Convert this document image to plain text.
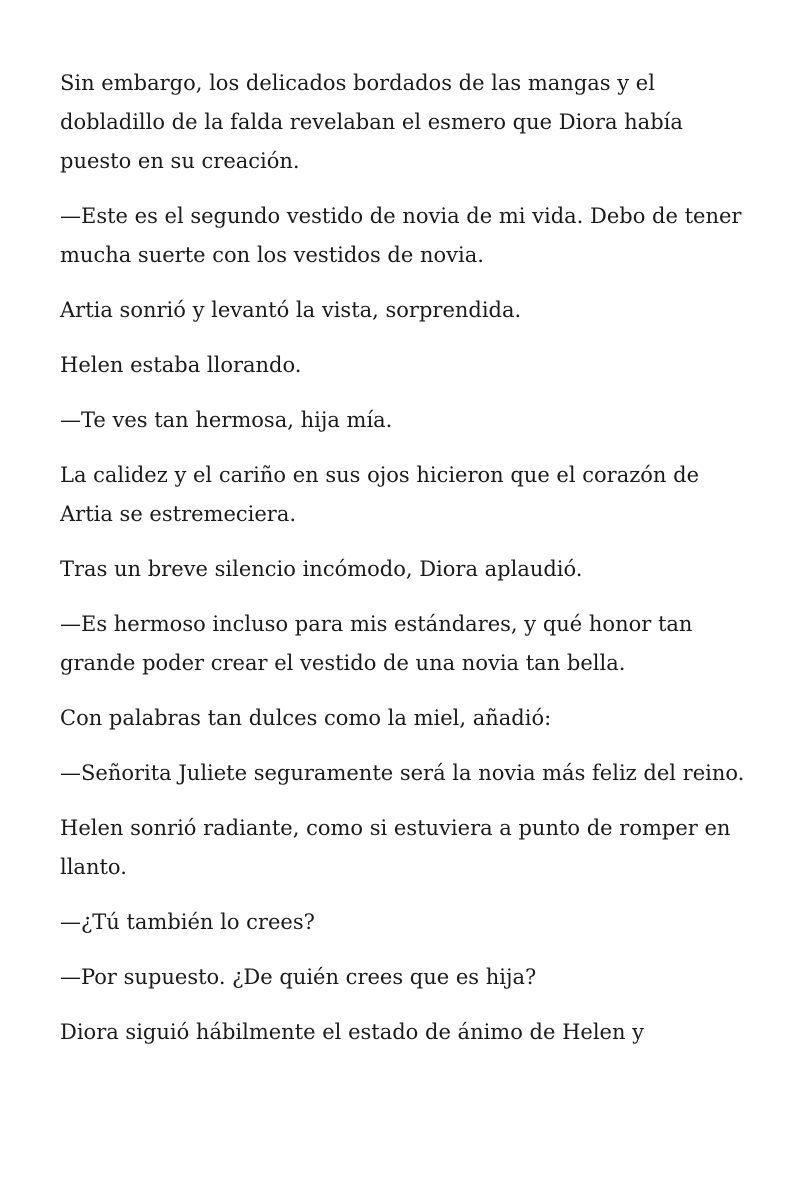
Sin embargo, los delicados bordados de las mangas y el dobladillo de la falda revelaban el esmero que Diora había puesto en su creación.

—Este es el segundo vestido de novia de mi vida. Debo de tener mucha suerte con los vestidos de novia.

Artia sonrió y levantó la vista, sorprendida.

Helen estaba llorando.

—Te ves tan hermosa, hija mía.

La calidez y el cariño en sus ojos hicieron que el corazón de Artia se estremeciera.

Tras un breve silencio incómodo, Diora aplaudió.

—Es hermoso incluso para mis estándares, y qué honor tan grande poder crear el vestido de una novia tan bella.

Con palabras tan dulces como la miel, añadió:

—Señorita Juliete seguramente será la novia más feliz del reino.

Helen sonrió radiante, como si estuviera a punto de romper en llanto.

—¿Tú también lo crees?

—Por supuesto. ¿De quién crees que es hija?

Diora siguió hábilmente el estado de ánimo de Helen y
